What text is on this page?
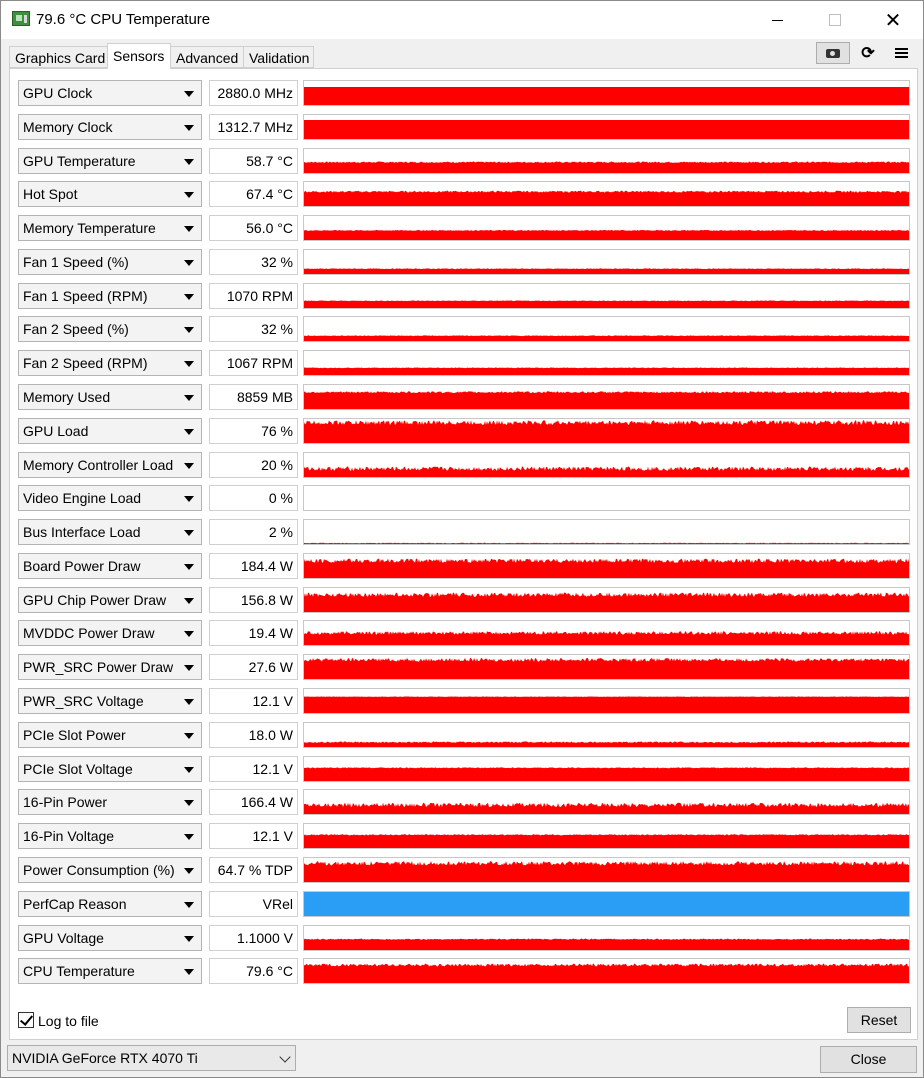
79.6 °C CPU Temperature	✕
Graphics Card Sensors Advanced Validation	⟳
GPU Clock	2880.0 MHz
Memory Clock	1312.7 MHz
GPU Temperature	58.7 °C
Hot Spot	67.4 °C
Memory Temperature	56.0 °C
Fan 1 Speed (%)	32 %
Fan 1 Speed (RPM)	1070 RPM
Fan 2 Speed (%)	32 %
Fan 2 Speed (RPM)	1067 RPM
Memory Used	8859 MB
GPU Load	76 %
Memory Controller Load	20 %
Video Engine Load	0 %
Bus Interface Load	2 %
Board Power Draw	184.4 W
GPU Chip Power Draw	156.8 W
MVDDC Power Draw	19.4 W
PWR_SRC Power Draw	27.6 W
PWR_SRC Voltage	12.1 V
PCIe Slot Power	18.0 W
PCIe Slot Voltage	12.1 V
16-Pin Power	166.4 W
16-Pin Voltage	12.1 V
Power Consumption (%)	64.7 % TDP
PerfCap Reason	VRel
GPU Voltage	1.1000 V
CPU Temperature	79.6 °C
Log to file	Reset
NVIDIA GeForce RTX 4070 Ti	Close
